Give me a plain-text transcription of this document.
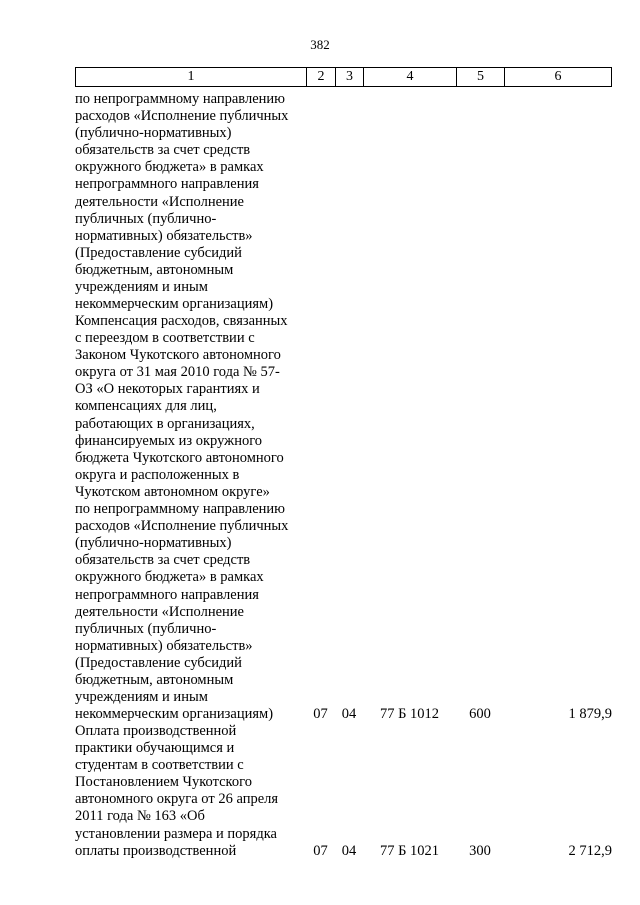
382
1	2	3	4	5	6
по непрограммному направлению
расходов «Исполнение публичных
(публично-нормативных)
обязательств за счет средств
окружного бюджета» в рамках
непрограммного направления
деятельности «Исполнение
публичных (публично-
нормативных) обязательств»
(Предоставление субсидий
бюджетным, автономным
учреждениям и иным
некоммерческим организациям)
Компенсация расходов, связанных
с переездом в соответствии с
Законом Чукотского автономного
округа от 31 мая 2010 года № 57-
ОЗ «О некоторых гарантиях и
компенсациях для лиц,
работающих в организациях,
финансируемых из окружного
бюджета Чукотского автономного
округа и расположенных в
Чукотском автономном округе»
по непрограммному направлению
расходов «Исполнение публичных
(публично-нормативных)
обязательств за счет средств
окружного бюджета» в рамках
непрограммного направления
деятельности «Исполнение
публичных (публично-
нормативных) обязательств»
(Предоставление субсидий
бюджетным, автономным
учреждениям и иным
некоммерческим организациям)	07 04	77 Б 1012	600	1 879,9
Оплата производственной
практики обучающимся и
студентам в соответствии с
Постановлением Чукотского
автономного округа от 26 апреля
2011 года № 163 «Об
установлении размера и порядка
оплаты производственной	07 04	77 Б 1021	300	2 712,9
